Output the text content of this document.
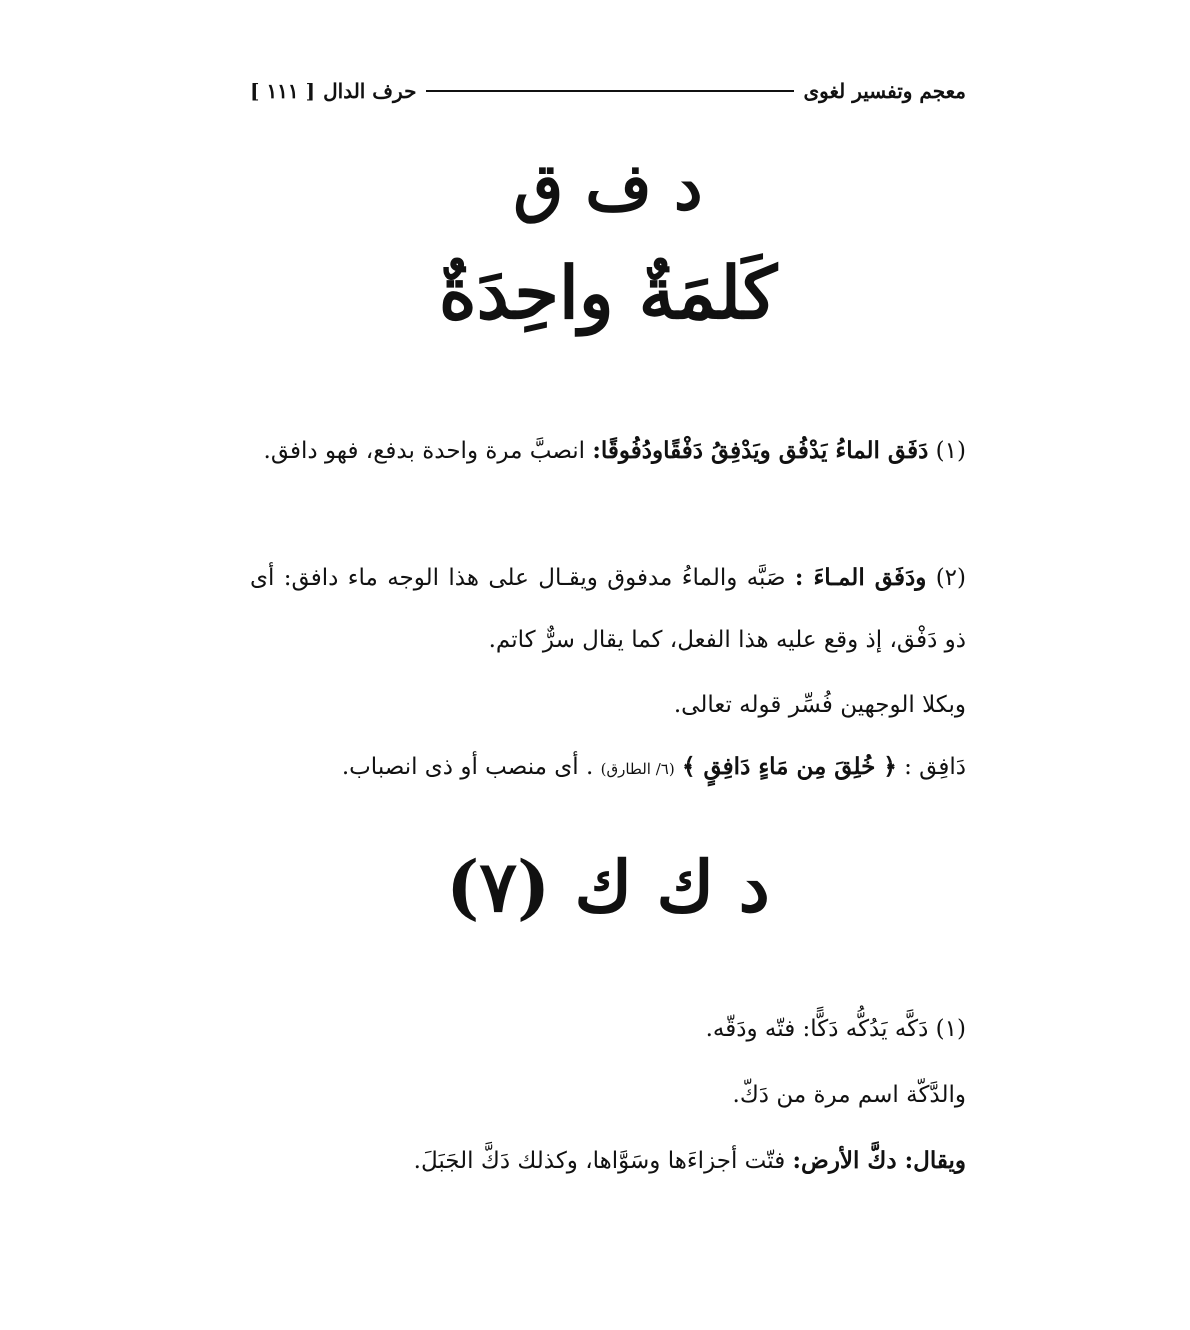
معجم وتفسير لغوى
حرف الدال
[ ١١١ ]
د ف ق
كَلمَةٌ واحِدَةٌ

(١) دَفَق الماءُ يَدْفُق ويَدْفِقُ دَفْقًاودُفُوقًا: انصبَّ مرة واحدة بدفع، فهو دافق.

(٢) ودَفَق المـاءَ : صَبَّه والماءُ مدفوق ويقـال على هذا الوجه ماء دافق: أى ذو دَفْق، إذ وقع عليه هذا الفعل، كما يقال سرٌّ كاتم.

وبكلا الوجهين فُسِّر قوله تعالى.

دَافِق : ﴿ خُلِقَ مِن مَاءٍ دَافِقٍ ﴾ (٦/ الطارق) . أى منصب أو ذى انصباب.

د ك ك (٧)

(١) دَكَّه يَدُكُّه دَكًّا: فتّه ودَقّه.

والدَّكّة اسم مرة من دَكّ.

ويقال: دكَّ الأرض: فتّت أجزاءَها وسَوَّاها، وكذلك دَكَّ الجَبَلَ.
